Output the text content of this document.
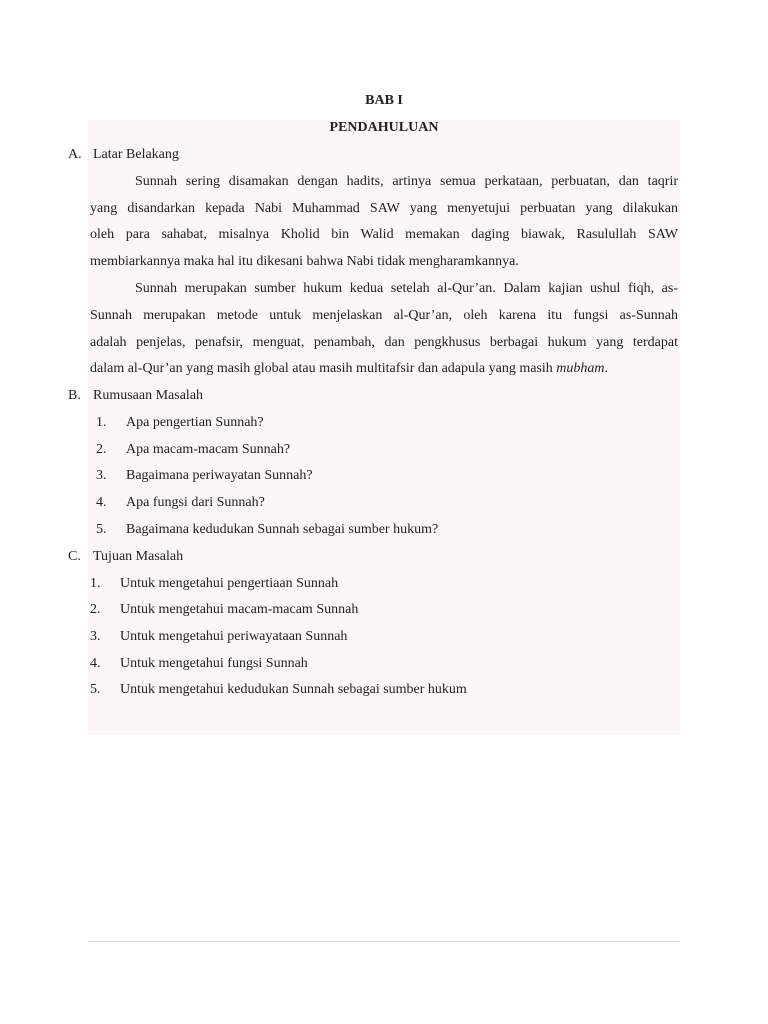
BAB I
PENDAHULUAN
A. Latar Belakang
Sunnah sering disamakan dengan hadits, artinya semua perkataan, perbuatan, dan taqrir
yang disandarkan kepada Nabi Muhammad SAW yang menyetujui perbuatan yang dilakukan
oleh para sahabat, misalnya Kholid bin Walid memakan daging biawak, Rasulullah SAW
membiarkannya maka hal itu dikesani bahwa Nabi tidak mengharamkannya.
Sunnah merupakan sumber hukum kedua setelah al-Qur’an. Dalam kajian ushul fiqh, as-
Sunnah merupakan metode untuk menjelaskan al-Qur’an, oleh karena itu fungsi as-Sunnah
adalah penjelas, penafsir, menguat, penambah, dan pengkhusus berbagai hukum yang terdapat
dalam al-Qur’an yang masih global atau masih multitafsir dan adapula yang masih mubham.
B. Rumusaan Masalah
1. Apa pengertian Sunnah?
2. Apa macam-macam Sunnah?
3. Bagaimana periwayatan Sunnah?
4. Apa fungsi dari Sunnah?
5. Bagaimana kedudukan Sunnah sebagai sumber hukum?
C. Tujuan Masalah
1. Untuk mengetahui pengertiaan Sunnah
2. Untuk mengetahui macam-macam Sunnah
3. Untuk mengetahui periwayataan Sunnah
4. Untuk mengetahui fungsi Sunnah
5. Untuk mengetahui kedudukan Sunnah sebagai sumber hukum
